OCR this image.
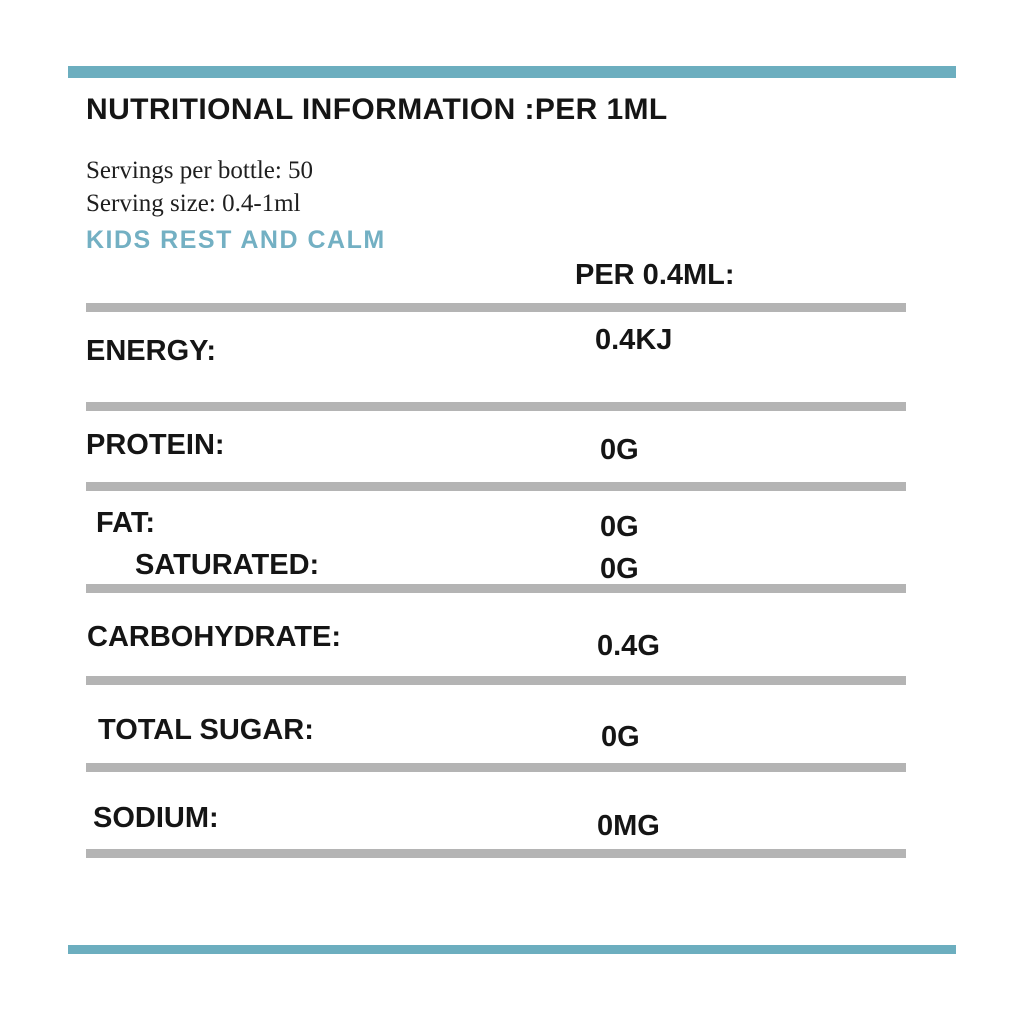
NUTRITIONAL INFORMATION :PER 1ML
Servings per bottle: 50
Serving size: 0.4-1ml
KIDS REST AND CALM
PER 0.4ML:
ENERGY:	0.4KJ
PROTEIN:	0G
FAT:	0G
SATURATED:	0G
CARBOHYDRATE:	0.4G
TOTAL SUGAR:	0G
SODIUM:	0MG
